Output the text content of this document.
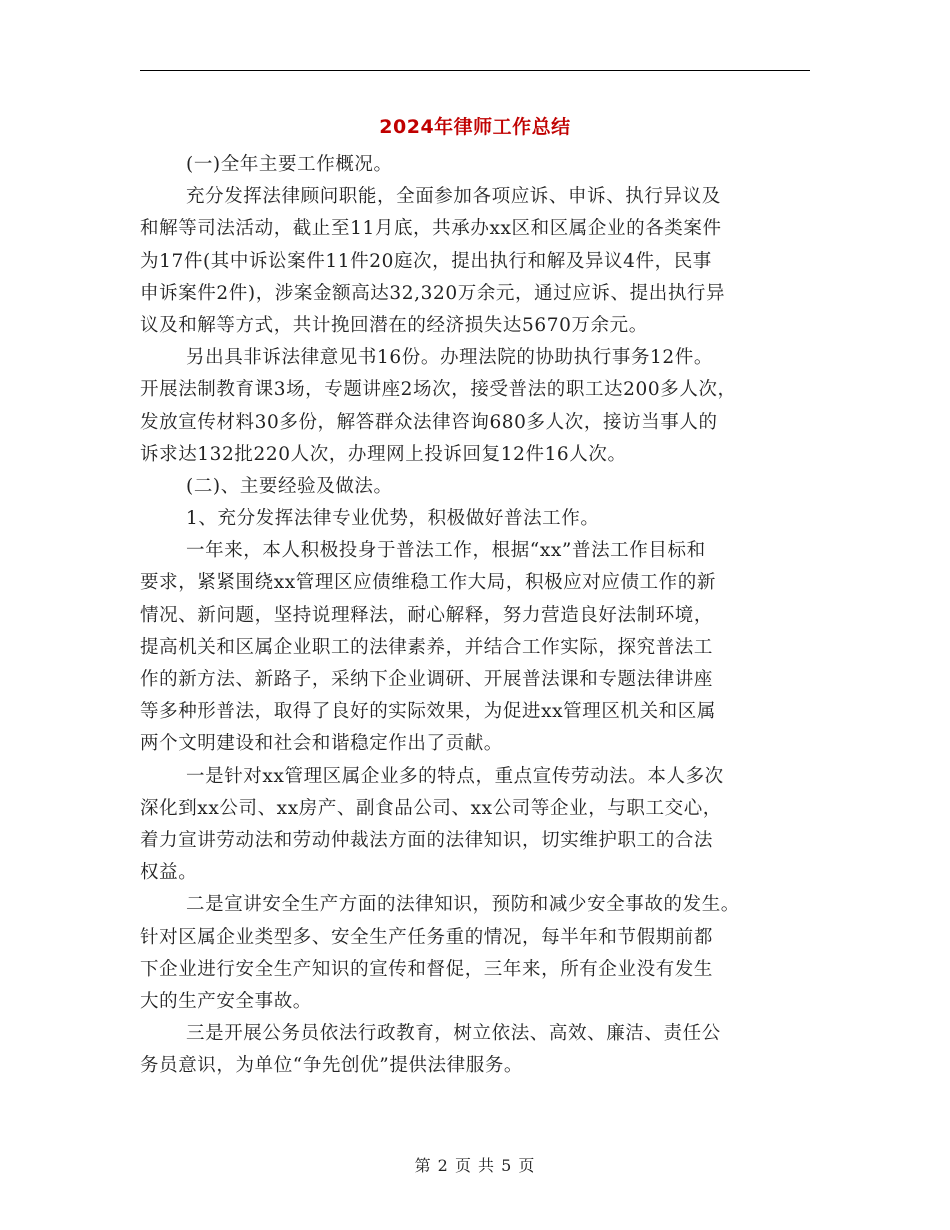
2024年律师工作总结
(一)全年主要工作概况。
充分发挥法律顾问职能，全面参加各项应诉、申诉、执行异议及
和解等司法活动，截止至11月底，共承办xx区和区属企业的各类案件
为17件(其中诉讼案件11件20庭次，提出执行和解及异议4件，民事
申诉案件2件)，涉案金额高达32,320万余元，通过应诉、提出执行异
议及和解等方式，共计挽回潜在的经济损失达5670万余元。
另出具非诉法律意见书16份。办理法院的协助执行事务12件。
开展法制教育课3场，专题讲座2场次，接受普法的职工达200多人次，
发放宣传材料30多份，解答群众法律咨询680多人次，接访当事人的
诉求达132批220人次，办理网上投诉回复12件16人次。
(二)、主要经验及做法。
1、充分发挥法律专业优势，积极做好普法工作。
一年来，本人积极投身于普法工作，根据“xx”普法工作目标和
要求，紧紧围绕xx管理区应债维稳工作大局，积极应对应债工作的新
情况、新问题，坚持说理释法，耐心解释，努力营造良好法制环境，
提高机关和区属企业职工的法律素养，并结合工作实际，探究普法工
作的新方法、新路子，采纳下企业调研、开展普法课和专题法律讲座
等多种形普法，取得了良好的实际效果，为促进xx管理区机关和区属
两个文明建设和社会和谐稳定作出了贡献。
一是针对xx管理区属企业多的特点，重点宣传劳动法。本人多次
深化到xx公司、xx房产、副食品公司、xx公司等企业，与职工交心，
着力宣讲劳动法和劳动仲裁法方面的法律知识，切实维护职工的合法
权益。
二是宣讲安全生产方面的法律知识，预防和减少安全事故的发生。
针对区属企业类型多、安全生产任务重的情况，每半年和节假期前都
下企业进行安全生产知识的宣传和督促，三年来，所有企业没有发生
大的生产安全事故。
三是开展公务员依法行政教育，树立依法、高效、廉洁、责任公
务员意识，为单位“争先创优”提供法律服务。
第 2 页 共 5 页
